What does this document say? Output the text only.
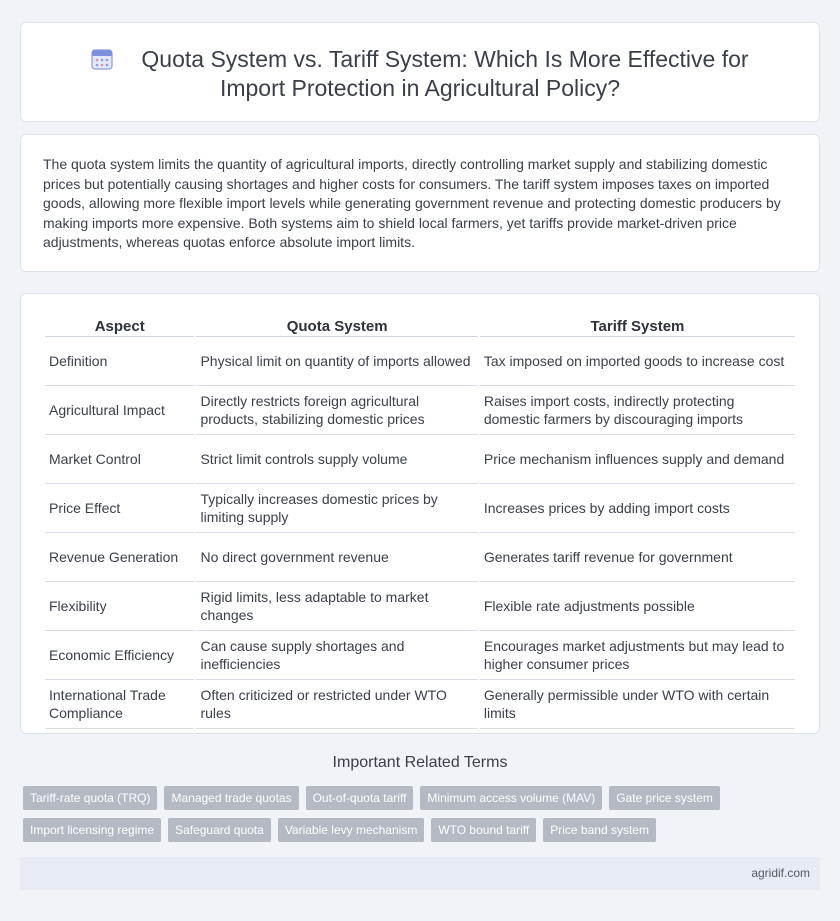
Quota System vs. Tariff System: Which Is More Effective for Import Protection in Agricultural Policy?

The quota system limits the quantity of agricultural imports, directly controlling market supply and stabilizing domestic prices but potentially causing shortages and higher costs for consumers. The tariff system imposes taxes on imported goods, allowing more flexible import levels while generating government revenue and protecting domestic producers by making imports more expensive. Both systems aim to shield local farmers, yet tariffs provide market-driven price adjustments, whereas quotas enforce absolute import limits.

Aspect	Quota System	Tariff System
Definition	Physical limit on quantity of imports allowed	Tax imposed on imported goods to increase cost
Agricultural Impact	Directly restricts foreign agricultural products, stabilizing domestic prices	Raises import costs, indirectly protecting domestic farmers by discouraging imports
Market Control	Strict limit controls supply volume	Price mechanism influences supply and demand
Price Effect	Typically increases domestic prices by limiting supply	Increases prices by adding import costs
Revenue Generation	No direct government revenue	Generates tariff revenue for government
Flexibility	Rigid limits, less adaptable to market changes	Flexible rate adjustments possible
Economic Efficiency	Can cause supply shortages and inefficiencies	Encourages market adjustments but may lead to higher consumer prices
International Trade Compliance	Often criticized or restricted under WTO rules	Generally permissible under WTO with certain limits
Important Related Terms
Tariff-rate quota (TRQ)	Managed trade quotas	Out-of-quota tariff	Minimum access volume (MAV)	Gate price system
Import licensing regime	Safeguard quota	Variable levy mechanism	WTO bound tariff	Price band system
agridif.com
